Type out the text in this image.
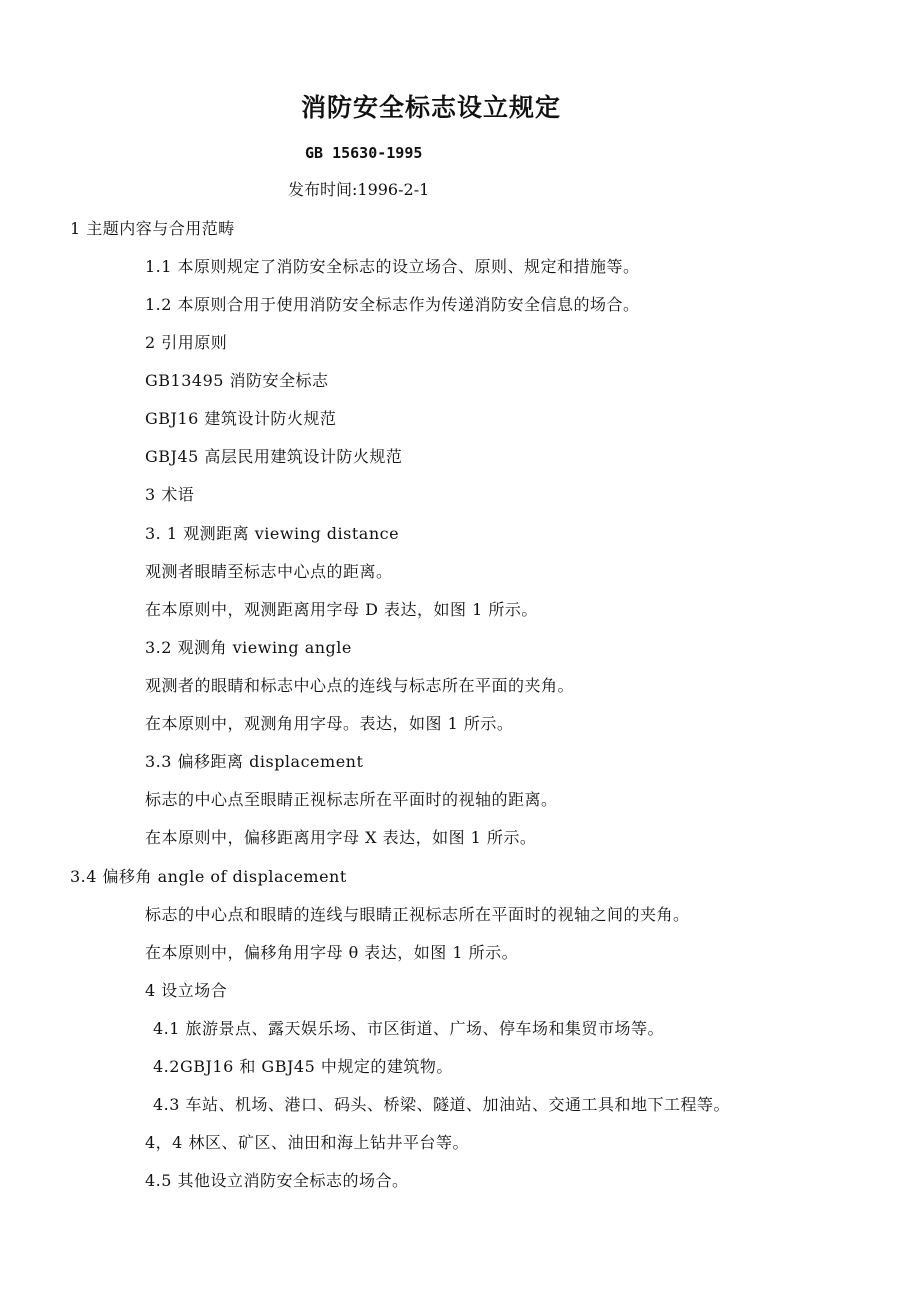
消防安全标志设立规定
GB 15630-1995
发布时间:1996-2-1
1 主题内容与合用范畴
1.1 本原则规定了消防安全标志的设立场合、原则、规定和措施等。
1.2 本原则合用于使用消防安全标志作为传递消防安全信息的场合。
2 引用原则
GB13495 消防安全标志
GBJ16 建筑设计防火规范
GBJ45 高层民用建筑设计防火规范
3 术语
3. 1 观测距离 viewing distance
观测者眼睛至标志中心点的距离。
在本原则中，观测距离用字母 D 表达，如图 1 所示。
3.2 观测角 viewing angle
观测者的眼睛和标志中心点的连线与标志所在平面的夹角。
在本原则中，观测角用字母。表达，如图 1 所示。
3.3 偏移距离 displacement
标志的中心点至眼睛正视标志所在平面时的视轴的距离。
在本原则中，偏移距离用字母 X 表达，如图 1 所示。
3.4 偏移角 angle of displacement
标志的中心点和眼睛的连线与眼睛正视标志所在平面时的视轴之间的夹角。
在本原则中，偏移角用字母 θ 表达，如图 1 所示。
4 设立场合
4.1 旅游景点、露天娱乐场、市区街道、广场、停车场和集贸市场等。
4.2GBJ16 和 GBJ45 中规定的建筑物。
4.3 车站、机场、港口、码头、桥梁、隧道、加油站、交通工具和地下工程等。
4，4 林区、矿区、油田和海上钻井平台等。
4.5 其他设立消防安全标志的场合。
